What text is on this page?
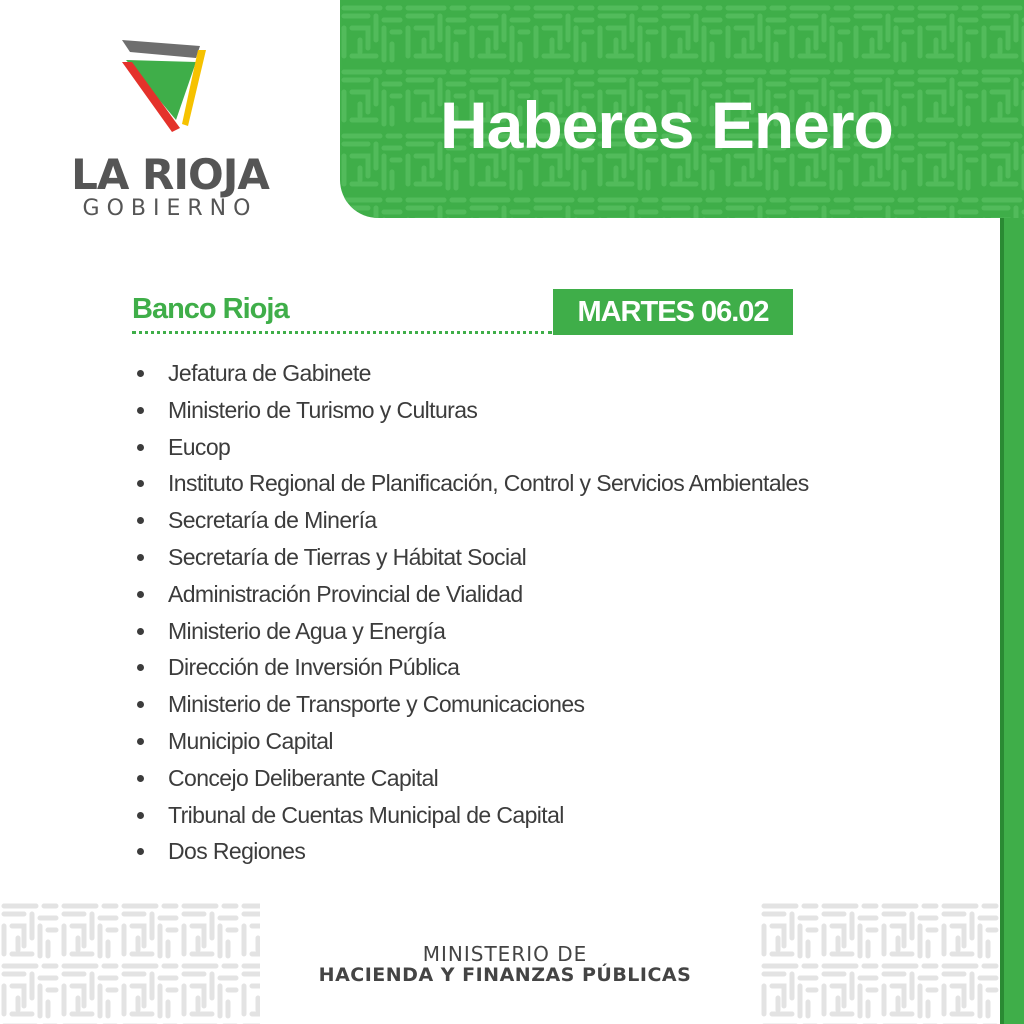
LA RIOJA
GOBIERNO
Haberes Enero
Banco Rioja	MARTES 06.02
Jefatura de Gabinete
Ministerio de Turismo y Culturas
Eucop
Instituto Regional de Planificación, Control y Servicios Ambientales
Secretaría de Minería
Secretaría de Tierras y Hábitat Social
Administración Provincial de Vialidad
Ministerio de Agua y Energía
Dirección de Inversión Pública
Ministerio de Transporte y Comunicaciones
Municipio Capital
Concejo Deliberante Capital
Tribunal de Cuentas Municipal de Capital
Dos Regiones
MINISTERIO DE
HACIENDA Y FINANZAS PÚBLICAS
